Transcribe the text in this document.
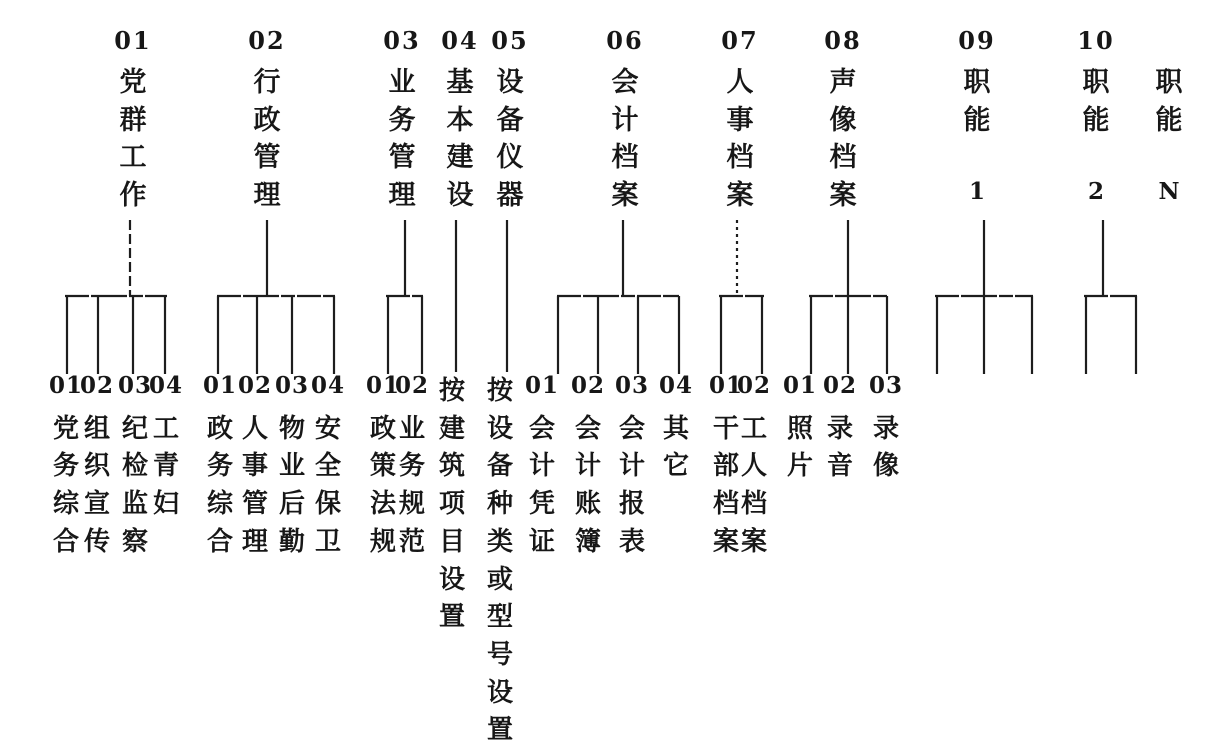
01
党
群
工
作
01
党
务
综
合
02
组
织
宣
传
03
纪
检
监
察
04
工
青
妇
02
行
政
管
理
01
政
务
综
合
02
人
事
管
理
03
物
业
后
勤
04
安
全
保
卫
03
业
务
管
理
01
政
策
法
规
02
业
务
规
范
04
基
本
建
设
按
建
筑
项
目
设
置
05
设
备
仪
器
按
设
备
种
类
或
型
号
设
置
06
会
计
档
案
01
会
计
凭
证
02
会
计
账
簿
03
会
计
报
表
04
其
它
07
人
事
档
案
01
干
部
档
案
02
工
人
档
案
08
声
像
档
案
01
照
片
02
录
音
03
录
像
09
职
能
1
10
职
能
2
职
能
N
